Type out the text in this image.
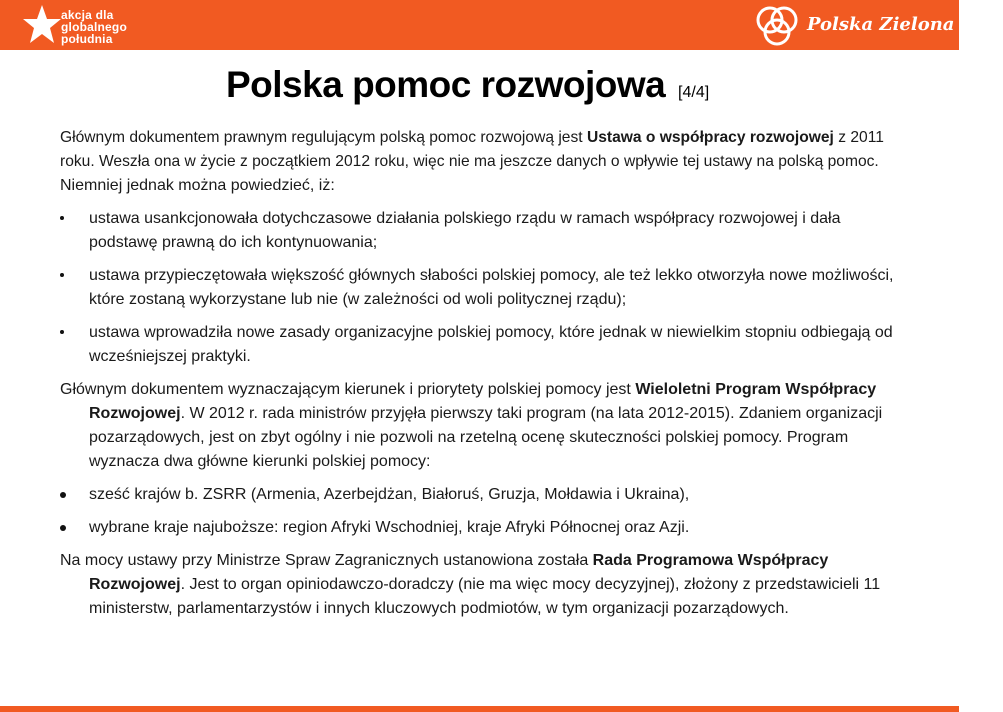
akcja dla
globalnego
południa
Polska Zielona Sieć
Polska pomoc rozwojowa [4/4]

Głównym dokumentem prawnym regulującym polską pomoc rozwojową jest Ustawa o współpracy rozwojowej z 2011 roku. Weszła ona w życie z początkiem 2012 roku, więc nie ma jeszcze danych o wpływie tej ustawy na polską pomoc. Niemniej jednak można powiedzieć, iż:

ustawa usankcjonowała dotychczasowe działania polskiego rządu w ramach współpracy rozwojowej i dała podstawę prawną do ich kontynuowania;
ustawa przypieczętowała większość głównych słabości polskiej pomocy, ale też lekko otworzyła nowe możliwości, które zostaną wykorzystane lub nie (w zależności od woli politycznej rządu);
ustawa wprowadziła nowe zasady organizacyjne polskiej pomocy, które jednak w niewielkim stopniu odbiegają od wcześniejszej praktyki.

Głównym dokumentem wyznaczającym kierunek i priorytety polskiej pomocy jest Wieloletni Program Współpracy Rozwojowej. W 2012 r. rada ministrów przyjęła pierwszy taki program (na lata 2012-2015). Zdaniem organizacji pozarządowych, jest on zbyt ogólny i nie pozwoli na rzetelną ocenę skuteczności polskiej pomocy. Program wyznacza dwa główne kierunki polskiej pomocy:

sześć krajów b. ZSRR (Armenia, Azerbejdżan, Białoruś, Gruzja, Mołdawia i Ukraina),
wybrane kraje najuboższe: region Afryki Wschodniej, kraje Afryki Północnej oraz Azji.

Na mocy ustawy przy Ministrze Spraw Zagranicznych ustanowiona została Rada Programowa Współpracy Rozwojowej. Jest to organ opiniodawczo-doradczy (nie ma więc mocy decyzyjnej), złożony z przedstawicieli 11 ministerstw, parlamentarzystów i innych kluczowych podmiotów, w tym organizacji pozarządowych.
